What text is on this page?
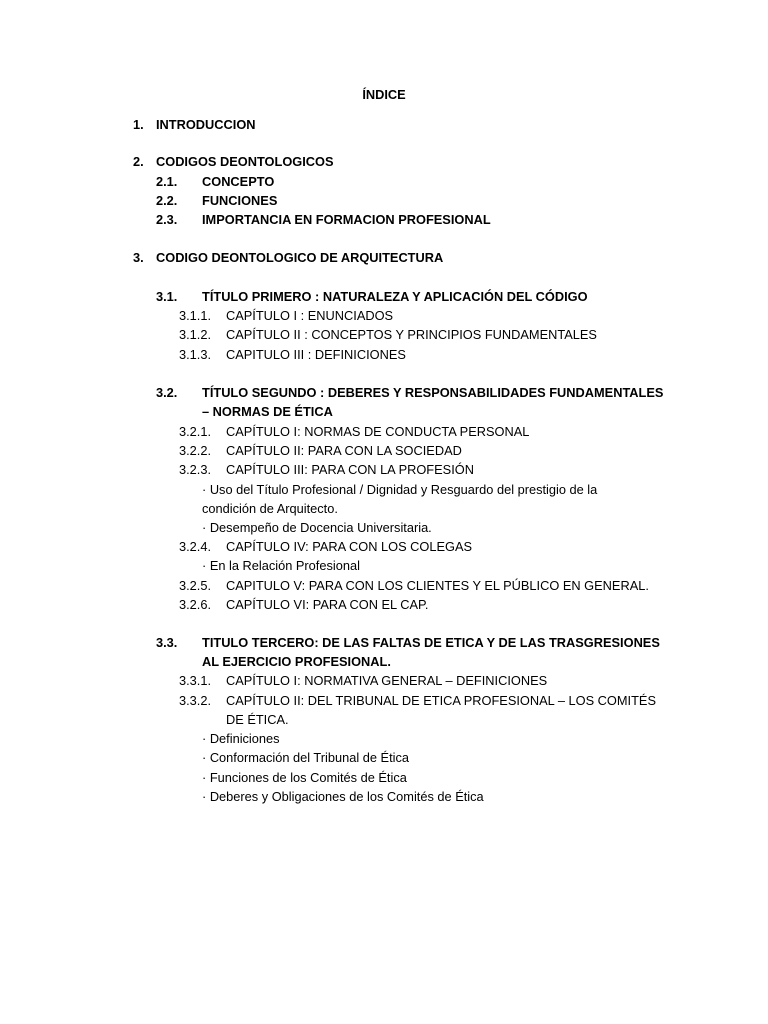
ÍNDICE
1. INTRODUCCION
2. CODIGOS DEONTOLOGICOS
2.1. CONCEPTO
2.2. FUNCIONES
2.3. IMPORTANCIA EN FORMACION PROFESIONAL
3. CODIGO DEONTOLOGICO DE ARQUITECTURA
3.1. TÍTULO PRIMERO : NATURALEZA Y APLICACIÓN DEL CÓDIGO
3.1.1. CAPÍTULO I : ENUNCIADOS
3.1.2. CAPÍTULO II : CONCEPTOS Y PRINCIPIOS FUNDAMENTALES
3.1.3. CAPITULO III : DEFINICIONES
3.2. TÍTULO SEGUNDO : DEBERES Y RESPONSABILIDADES FUNDAMENTALES
– NORMAS DE ÉTICA
3.2.1. CAPÍTULO I: NORMAS DE CONDUCTA PERSONAL
3.2.2. CAPÍTULO II: PARA CON LA SOCIEDAD
3.2.3. CAPÍTULO III: PARA CON LA PROFESIÓN
· Uso del Título Profesional / Dignidad y Resguardo del prestigio de la
condición de Arquitecto.
· Desempeño de Docencia Universitaria.
3.2.4. CAPÍTULO IV: PARA CON LOS COLEGAS
· En la Relación Profesional
3.2.5. CAPITULO V: PARA CON LOS CLIENTES Y EL PÚBLICO EN GENERAL.
3.2.6. CAPÍTULO VI: PARA CON EL CAP.
3.3. TITULO TERCERO: DE LAS FALTAS DE ETICA Y DE LAS TRASGRESIONES
AL EJERCICIO PROFESIONAL.
3.3.1. CAPÍTULO I: NORMATIVA GENERAL – DEFINICIONES
3.3.2. CAPÍTULO II: DEL TRIBUNAL DE ETICA PROFESIONAL – LOS COMITÉS
DE ÉTICA.
· Definiciones
· Conformación del Tribunal de Ética
· Funciones de los Comités de Ética
· Deberes y Obligaciones de los Comités de Ética
